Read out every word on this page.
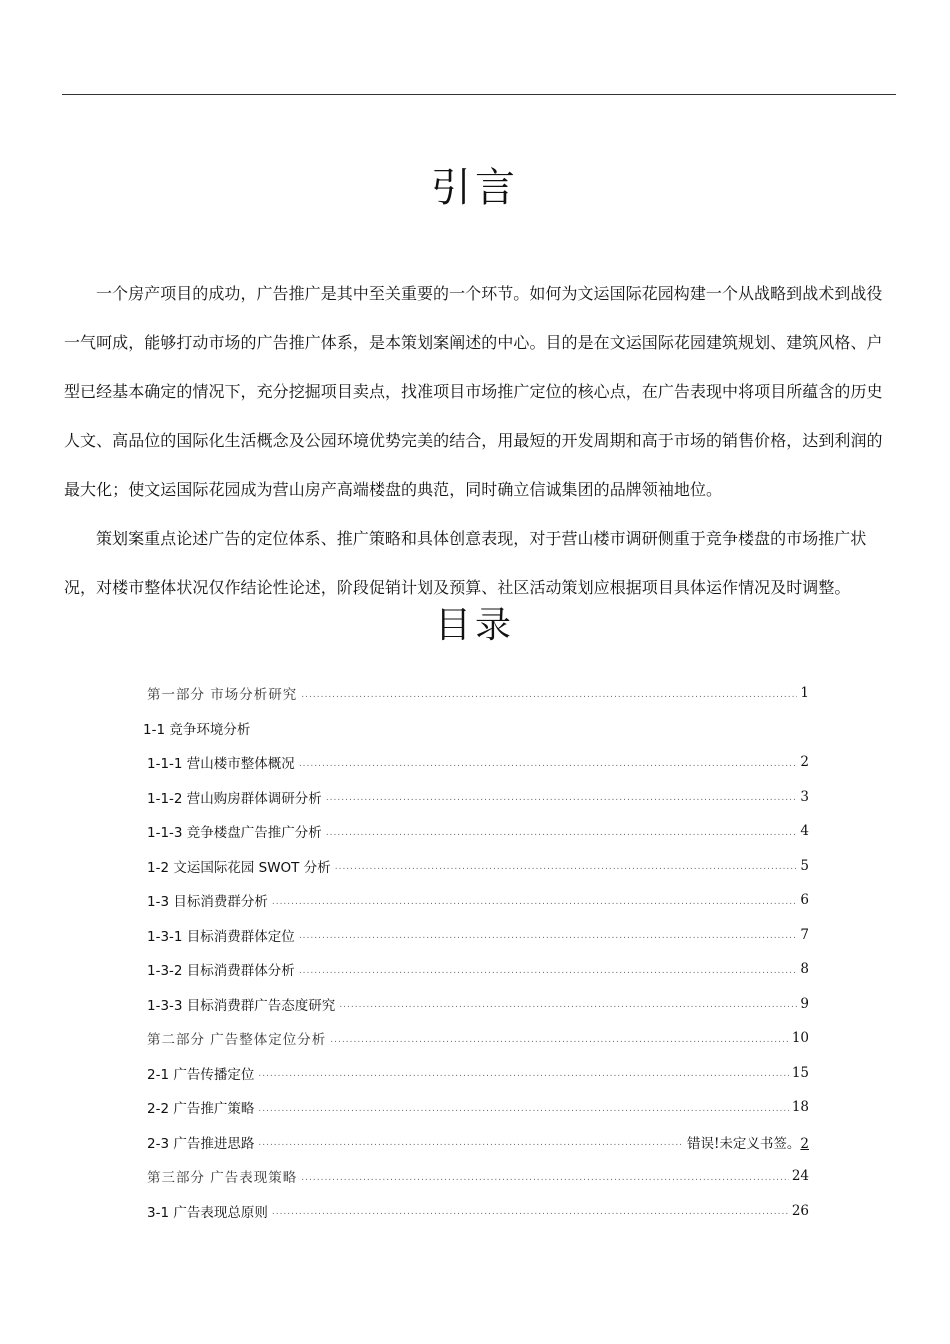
引言

一个房产项目的成功，广告推广是其中至关重要的一个环节。如何为文运国际花园构建一个从战略到战术到战役一气呵成，能够打动市场的广告推广体系，是本策划案阐述的中心。目的是在文运国际花园建筑规划、建筑风格、户型已经基本确定的情况下，充分挖掘项目卖点，找准项目市场推广定位的核心点，在广告表现中将项目所蕴含的历史人文、高品位的国际化生活概念及公园环境优势完美的结合，用最短的开发周期和高于市场的销售价格，达到利润的最大化；使文运国际花园成为营山房产高端楼盘的典范，同时确立信诚集团的品牌领袖地位。

策划案重点论述广告的定位体系、推广策略和具体创意表现，对于营山楼市调研侧重于竞争楼盘的市场推广状况，对楼市整体状况仅作结论性论述，阶段促销计划及预算、社区活动策划应根据项目具体运作情况及时调整。

目录
第一部分 市场分析研究 .....	1
1-1 竞争环境分析
1-1-1 营山楼市整体概况 .....	2
1-1-2 营山购房群体调研分析 .....	3
1-1-3 竞争楼盘广告推广分析 .....	4
1-2 文运国际花园 SWOT 分析 .....	5
1-3 目标消费群分析 .....	6
1-3-1 目标消费群体定位 .....	7
1-3-2 目标消费群体分析 .....	8
1-3-3 目标消费群广告态度研究 .....	9
第二部分 广告整体定位分析 .....	10
2-1 广告传播定位 .....	15
2-2 广告推广策略 .....	18
2-3 广告推进思路 .....	错误!未定义书签。2
第三部分 广告表现策略 .....	24
3-1 广告表现总原则 .....	26
